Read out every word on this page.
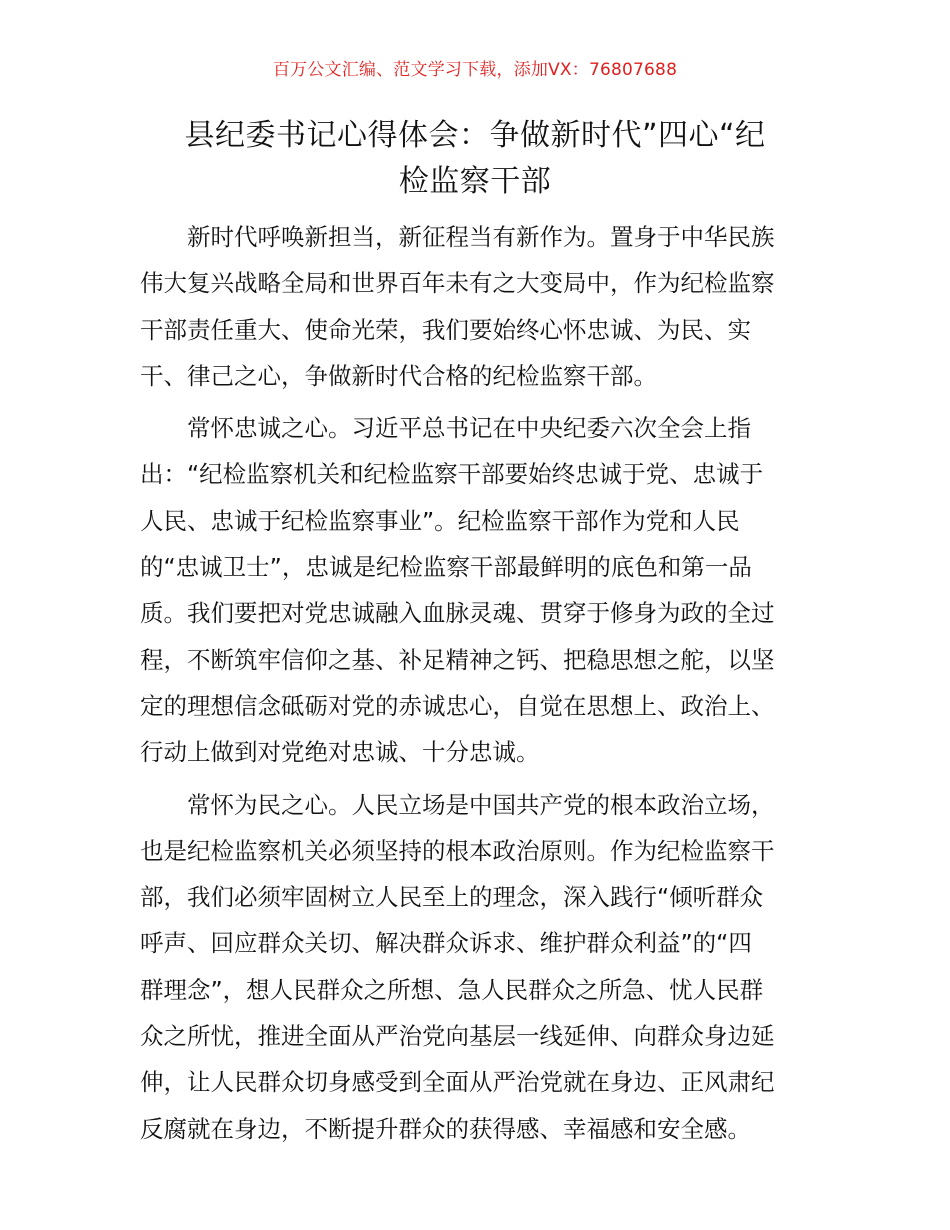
百万公文汇编、范文学习下载，添加VX：76807688
县纪委书记心得体会：争做新时代”四心“纪
检监察干部

新时代呼唤新担当，新征程当有新作为。置身于中华民族
伟大复兴战略全局和世界百年未有之大变局中，作为纪检监察
干部责任重大、使命光荣，我们要始终心怀忠诚、为民、实
干、律己之心，争做新时代合格的纪检监察干部。

常怀忠诚之心。习近平总书记在中央纪委六次全会上指
出：“纪检监察机关和纪检监察干部要始终忠诚于党、忠诚于
人民、忠诚于纪检监察事业”。纪检监察干部作为党和人民
的“忠诚卫士”，忠诚是纪检监察干部最鲜明的底色和第一品
质。我们要把对党忠诚融入血脉灵魂、贯穿于修身为政的全过
程，不断筑牢信仰之基、补足精神之钙、把稳思想之舵，以坚
定的理想信念砥砺对党的赤诚忠心，自觉在思想上、政治上、
行动上做到对党绝对忠诚、十分忠诚。

常怀为民之心。人民立场是中国共产党的根本政治立场，
也是纪检监察机关必须坚持的根本政治原则。作为纪检监察干
部，我们必须牢固树立人民至上的理念，深入践行“倾听群众
呼声、回应群众关切、解决群众诉求、维护群众利益”的“四
群理念”，想人民群众之所想、急人民群众之所急、忧人民群
众之所忧，推进全面从严治党向基层一线延伸、向群众身边延
伸，让人民群众切身感受到全面从严治党就在身边、正风肃纪
反腐就在身边，不断提升群众的获得感、幸福感和安全感。
